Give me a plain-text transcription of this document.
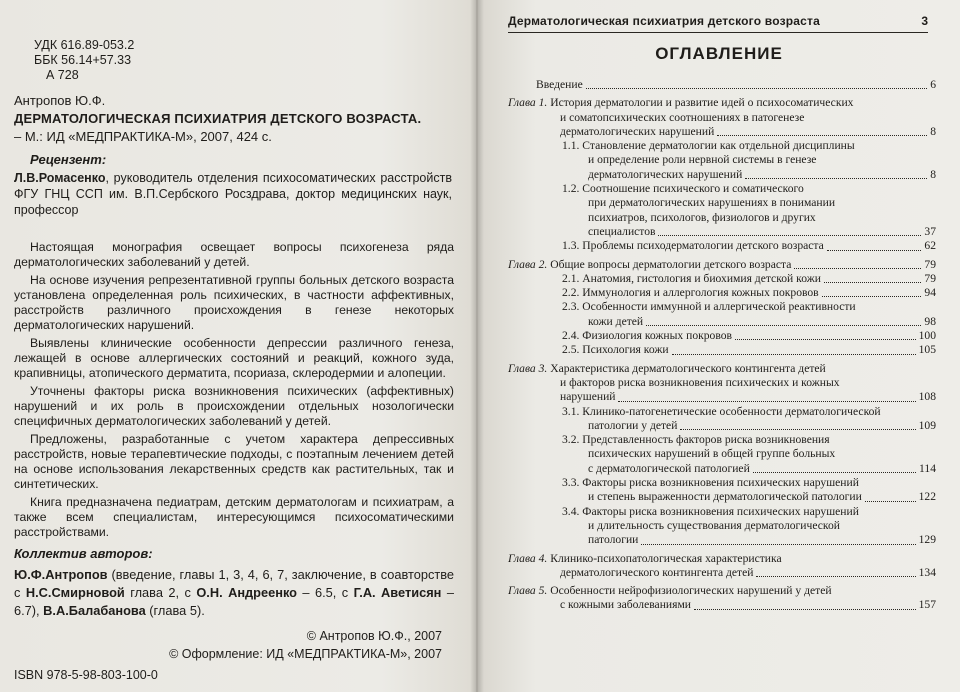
УДК 616.89-053.2
ББК 56.14+57.33
А 728
Антропов Ю.Ф.
ДЕРМАТОЛОГИЧЕСКАЯ ПСИХИАТРИЯ ДЕТСКОГО ВОЗРАСТА.
– М.: ИД «МЕДПРАКТИКА-М», 2007, 424 с.
Рецензент:
Л.В.Ромасенко, руководитель отделения психосоматических расстройств ФГУ ГНЦ ССП им. В.П.Сербского Росздрава, доктор медицинских наук, профессор

Настоящая монография освещает вопросы психогенеза ряда дерматологических заболеваний у детей.

На основе изучения репрезентативной группы больных детского возраста установлена определенная роль психических, в частности аффективных, расстройств различного происхождения в генезе некоторых дерматологических нарушений.

Выявлены клинические особенности депрессии различного генеза, лежащей в основе аллергических состояний и реакций, кожного зуда, крапивницы, атопического дерматита, псориаза, склеродермии и алопеции.

Уточнены факторы риска возникновения психических (аффективных) нарушений и их роль в происхождении отдельных нозологически специфичных дерматологических заболеваний у детей.

Предложены, разработанные с учетом характера депрессивных расстройств, новые терапевтические подходы, с поэтапным лечением детей на основе использования лекарственных средств как растительных, так и синтетических.

Книга предназначена педиатрам, детским дерматологам и психиатрам, а также всем специалистам, интересующимся психосоматическими расстройствами.

Коллектив авторов:
Ю.Ф.Антропов (введение, главы 1, 3, 4, 6, 7, заключение, в соавторстве с Н.С.Смирновой глава 2, с О.Н. Андреенко – 6.5, с Г.А. Аветисян – 6.7), В.А.Балабанова (глава 5).
© Антропов Ю.Ф., 2007
© Оформление: ИД «МЕДПРАКТИКА-М», 2007
ISBN 978-5-98-803-100-0
Дерматологическая психиатрия детского возраста	3
ОГЛАВЛЕНИЕ
Введение	6
Глава 1. История дерматологии и развитие идей о психосоматических
и соматопсихических соотношениях в патогенезе
дерматологических нарушений	8
1.1. Становление дерматологии как отдельной дисциплины
и определение роли нервной системы в генезе
дерматологических нарушений	8
1.2. Соотношение психического и соматического
при дерматологических нарушениях в понимании
психиатров, психологов, физиологов и других
специалистов	37
1.3. Проблемы психодерматологии детского возраста	62
Глава 2. Общие вопросы дерматологии детского возраста	79
2.1. Анатомия, гистология и биохимия детской кожи	79
2.2. Иммунология и аллергология кожных покровов	94
2.3. Особенности иммунной и аллергической реактивности
кожи детей	98
2.4. Физиология кожных покровов	100
2.5. Психология кожи	105
Глава 3. Характеристика дерматологического контингента детей
и факторов риска возникновения психических и кожных
нарушений	108
3.1. Клинико-патогенетические особенности дерматологической
патологии у детей	109
3.2. Представленность факторов риска возникновения
психических нарушений в общей группе больных
с дерматологической патологией	114
3.3. Факторы риска возникновения психических нарушений
и степень выраженности дерматологической патологии	122
3.4. Факторы риска возникновения психических нарушений
и длительность существования дерматологической
патологии	129
Глава 4. Клинико-психопатологическая характеристика
дерматологического контингента детей	134
Глава 5. Особенности нейрофизиологических нарушений у детей
с кожными заболеваниями	157
